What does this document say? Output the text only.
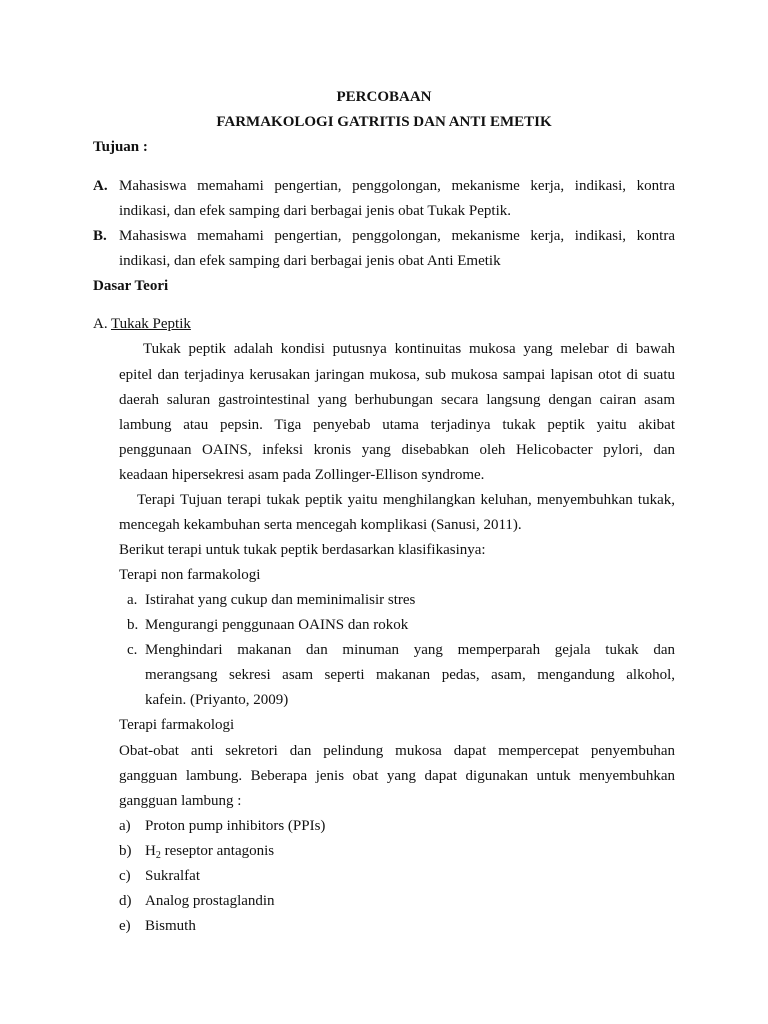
PERCOBAAN
FARMAKOLOGI GATRITIS DAN ANTI EMETIK
Tujuan :
A. Mahasiswa memahami pengertian, penggolongan, mekanisme kerja, indikasi, kontra
indikasi, dan efek samping dari berbagai jenis obat Tukak Peptik.
B. Mahasiswa memahami pengertian, penggolongan, mekanisme kerja, indikasi, kontra
indikasi, dan efek samping dari berbagai jenis obat Anti Emetik
Dasar Teori
A. Tukak Peptik
Tukak peptik adalah kondisi putusnya kontinuitas mukosa yang melebar di bawah
epitel dan terjadinya kerusakan jaringan mukosa, sub mukosa sampai lapisan otot di suatu
daerah saluran gastrointestinal yang berhubungan secara langsung dengan cairan asam
lambung atau pepsin. Tiga penyebab utama terjadinya tukak peptik yaitu akibat
penggunaan OAINS, infeksi kronis yang disebabkan oleh Helicobacter pylori, dan
keadaan hipersekresi asam pada Zollinger-Ellison syndrome.
Terapi Tujuan terapi tukak peptik yaitu menghilangkan keluhan, menyembuhkan tukak,
mencegah kekambuhan serta mencegah komplikasi (Sanusi, 2011).
Berikut terapi untuk tukak peptik berdasarkan klasifikasinya:
Terapi non farmakologi
a. Istirahat yang cukup dan meminimalisir stres
b. Mengurangi penggunaan OAINS dan rokok
c. Menghindari makanan dan minuman yang memperparah gejala tukak dan
merangsang sekresi asam seperti makanan pedas, asam, mengandung alkohol,
kafein. (Priyanto, 2009)
Terapi farmakologi
Obat-obat anti sekretori dan pelindung mukosa dapat mempercepat penyembuhan
gangguan lambung. Beberapa jenis obat yang dapat digunakan untuk menyembuhkan
gangguan lambung :
a) Proton pump inhibitors (PPIs)
b) $H_2$ reseptor antagonis
c) Sukralfat
d) Analog prostaglandin
e) Bismuth
